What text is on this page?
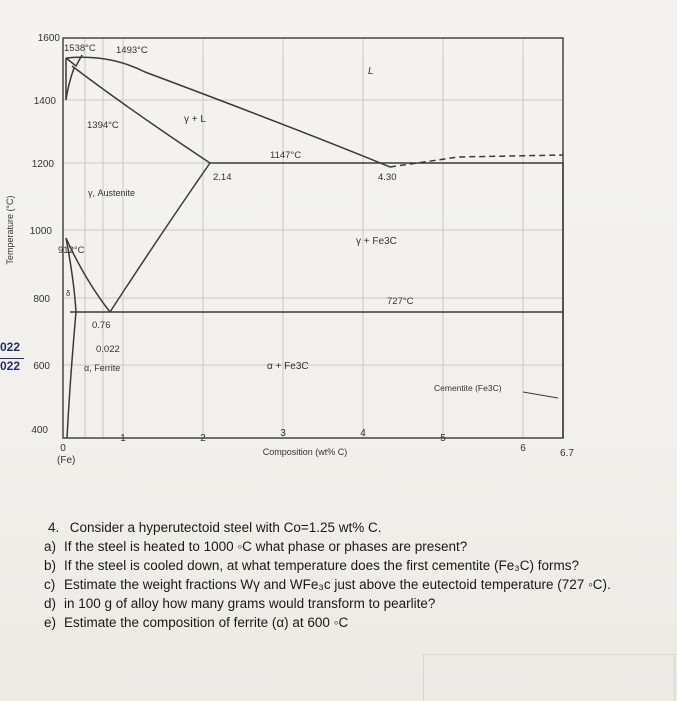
1600
1400
1200
1000
800
600
400
0
1	2	3	4	5
6	6.7
(Fe)
Composition (wt% C)
Temperature (°C)
1538°C 1493°C
1394°C
1147°C
2.14	4.30
912°C
727°C
0.76
0.022
L
γ + L
γ, Austenite
γ + Fe3C
α + Fe3C
α, Ferrite
Cementite (Fe3C)
δ
022
022
4. Consider a hyperutectoid steel with Co=1.25 wt% C.
a) If the steel is heated to 1000 ◦C what phase or phases are present?
b) If the steel is cooled down, at what temperature does the first cementite (Fe₃C) forms?
c) Estimate the weight fractions Wγ and WFe₃c just above the eutectoid temperature (727 ◦C).
d) in 100 g of alloy how many grams would transform to pearlite?
e) Estimate the composition of ferrite (α) at 600 ◦C
